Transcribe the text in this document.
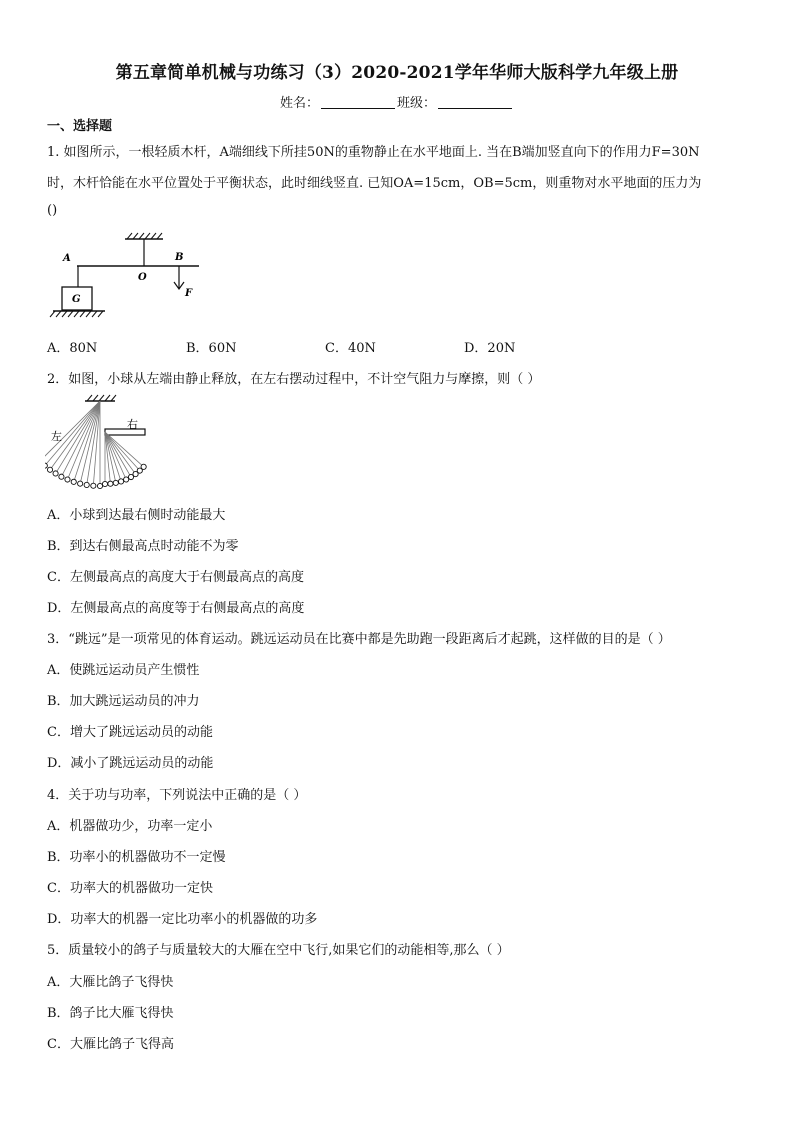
第五章简单机械与功练习（3）2020-2021学年华师大版科学九年级上册
姓名：	班级：
一、选择题
1. 如图所示，一根轻质木杆，A端细线下所挂50N的重物静止在水平地面上. 当在B端加竖直向下的作用力F=30N
时，木杆恰能在水平位置处于平衡状态，此时细线竖直. 已知OA=15cm，OB=5cm，则重物对水平地面的压力为
()
A
O
B
F
G
A．80N	B．60N	C．40N	D．20N
2．如图，小球从左端由静止释放，在左右摆动过程中，不计空气阻力与摩擦，则（ ）
左
右
A．小球到达最右侧时动能最大
B．到达右侧最高点时动能不为零
C．左侧最高点的高度大于右侧最高点的高度
D．左侧最高点的高度等于右侧最高点的高度
3．“跳远”是一项常见的体育运动。跳远运动员在比赛中都是先助跑一段距离后才起跳，这样做的目的是（ ）
A．使跳远运动员产生惯性
B．加大跳远运动员的冲力
C．增大了跳远运动员的动能
D．减小了跳远运动员的动能
4．关于功与功率，下列说法中正确的是（ ）
A．机器做功少，功率一定小
B．功率小的机器做功不一定慢
C．功率大的机器做功一定快
D．功率大的机器一定比功率小的机器做的功多
5．质量较小的鸽子与质量较大的大雁在空中飞行,如果它们的动能相等,那么（ ）
A．大雁比鸽子飞得快
B．鸽子比大雁飞得快
C．大雁比鸽子飞得高
